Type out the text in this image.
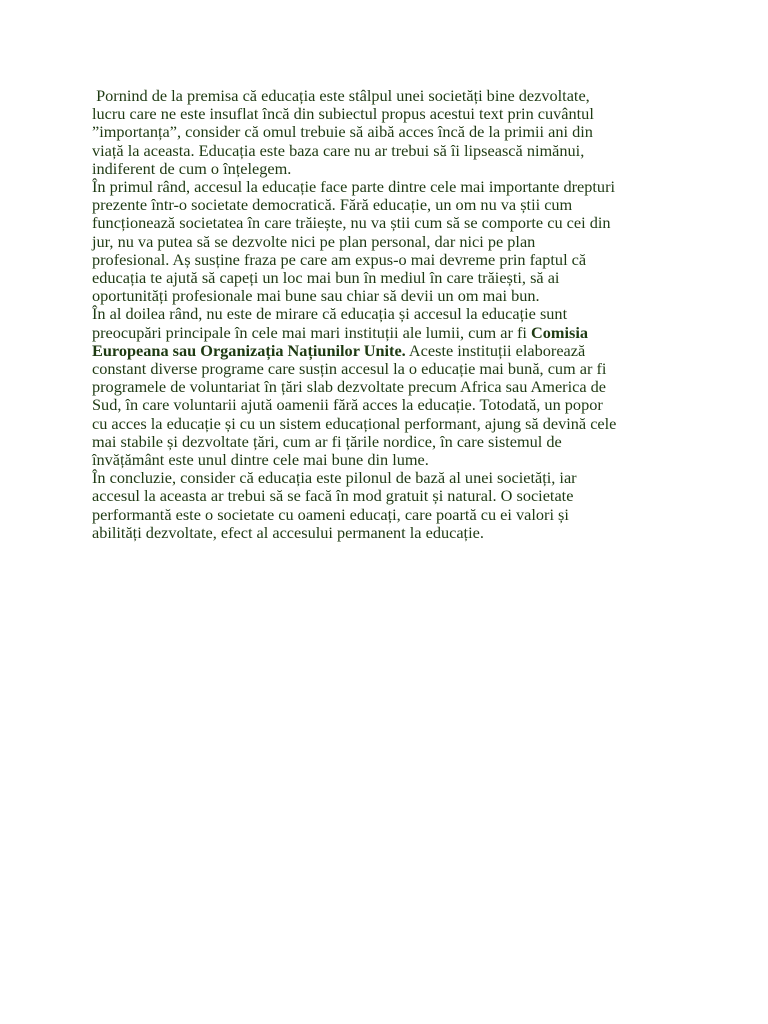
Pornind de la premisa că educația este stâlpul unei societăți bine dezvoltate,
lucru care ne este insuflat încă din subiectul propus acestui text prin cuvântul
”importanța”, consider că omul trebuie să aibă acces încă de la primii ani din
viață la aceasta. Educația este baza care nu ar trebui să îi lipsească nimănui,
indiferent de cum o înțelegem.

În primul rând, accesul la educație face parte dintre cele mai importante drepturi
prezente într-o societate democratică. Fără educație, un om nu va știi cum
funcționează societatea în care trăiește, nu va știi cum să se comporte cu cei din
jur, nu va putea să se dezvolte nici pe plan personal, dar nici pe plan
profesional. Aș susține fraza pe care am expus-o mai devreme prin faptul că
educația te ajută să capeți un loc mai bun în mediul în care trăiești, să ai
oportunități profesionale mai bune sau chiar să devii un om mai bun.

În al doilea rând, nu este de mirare că educația și accesul la educație sunt
preocupări principale în cele mai mari instituții ale lumii, cum ar fi Comisia
Europeana sau Organizația Națiunilor Unite. Aceste instituții elaborează
constant diverse programe care susțin accesul la o educație mai bună, cum ar fi
programele de voluntariat în țări slab dezvoltate precum Africa sau America de
Sud, în care voluntarii ajută oamenii fără acces la educație. Totodată, un popor
cu acces la educație și cu un sistem educațional performant, ajung să devină cele
mai stabile și dezvoltate țări, cum ar fi țările nordice, în care sistemul de
învățământ este unul dintre cele mai bune din lume.

În concluzie, consider că educația este pilonul de bază al unei societăți, iar
accesul la aceasta ar trebui să se facă în mod gratuit și natural. O societate
performantă este o societate cu oameni educați, care poartă cu ei valori și
abilități dezvoltate, efect al accesului permanent la educație.
